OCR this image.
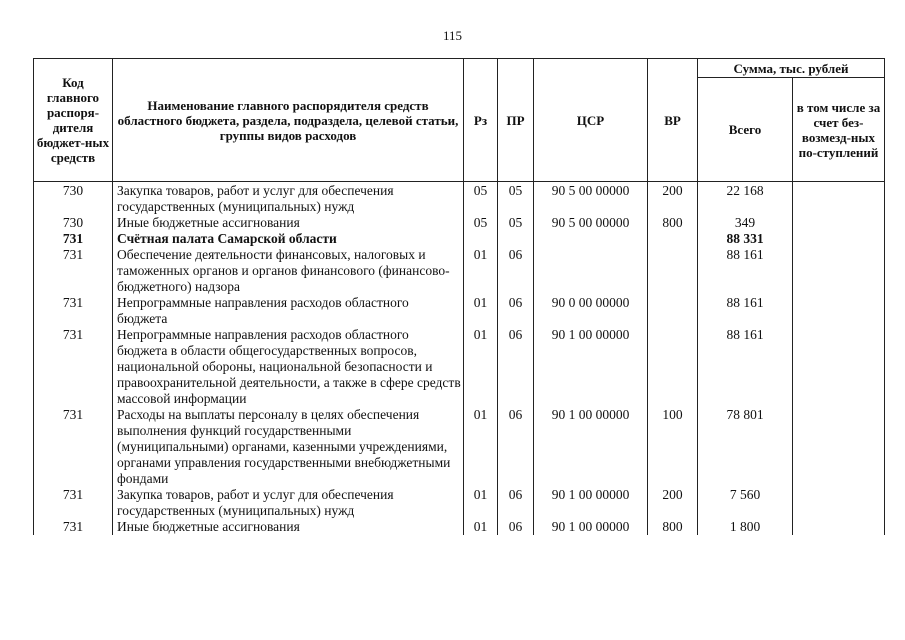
115
Код главного распоря-дителя бюджет-ных средств	Наименование главного распорядителя средств областного бюджета, раздела, подраздела, целевой статьи, группы видов расходов	Рз	ПР	ЦСР	ВР	Сумма, тыс. рублей	
						Всего	в том числе за счет без-возмезд-ных по-ступлений
730	Закупка товаров, работ и услуг для обеспечения государственных (муниципальных) нужд	05	05	90 5 00 00000	200	22 168	
730	Иные бюджетные ассигнования	05	05	90 5 00 00000	800	349	
731	Счётная палата Самарской области					88 331	
731	Обеспечение деятельности финансовых, налоговых и таможенных органов и органов финансового (финансово-бюджетного) надзора	01	06			88 161	
731	Непрограммные направления расходов областного бюджета	01	06	90 0 00 00000		88 161	
731	Непрограммные направления расходов областного бюджета в области общегосударственных вопросов, национальной обороны, национальной безопасности и правоохранительной деятельности, а также в сфере средств массовой информации	01	06	90 1 00 00000		88 161	
731	Расходы на выплаты персоналу в целях обеспечения выполнения функций государственными (муниципальными) органами, казенными учреждениями, органами управления государственными внебюджетными фондами	01	06	90 1 00 00000	100	78 801	
731	Закупка товаров, работ и услуг для обеспечения государственных (муниципальных) нужд	01	06	90 1 00 00000	200	7 560	
731	Иные бюджетные ассигнования	01	06	90 1 00 00000	800	1 800	
